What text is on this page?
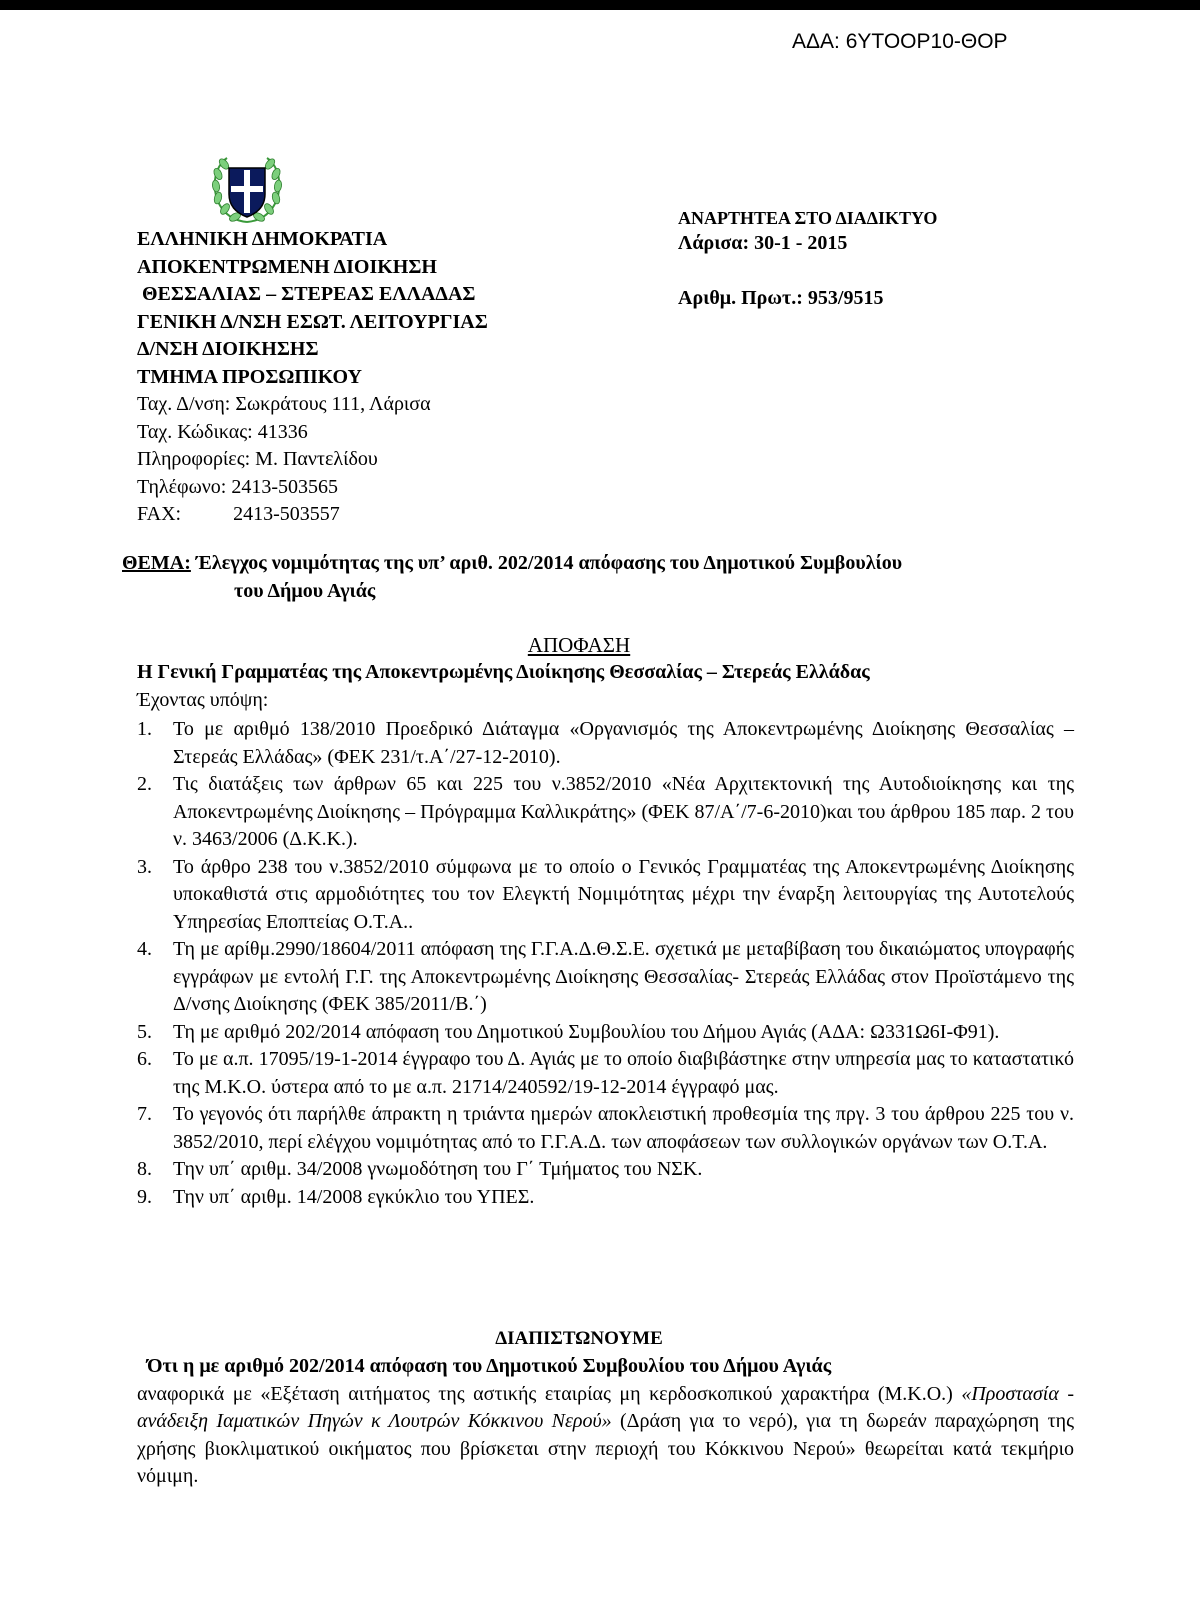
ΑΔΑ: 6ΥΤΟΟΡ10-ΘΟΡ
ΕΛΛΗΝΙΚΗ ΔΗΜΟΚΡΑΤΙΑ
ΑΠΟΚΕΝΤΡΩΜΕΝΗ ΔΙΟΙΚΗΣΗ
ΘΕΣΣΑΛΙΑΣ – ΣΤΕΡΕΑΣ ΕΛΛΑΔΑΣ
ΓΕΝΙΚΗ Δ/ΝΣΗ ΕΣΩΤ. ΛΕΙΤΟΥΡΓΙΑΣ
Δ/ΝΣΗ ΔΙΟΙΚΗΣΗΣ
ΤΜΗΜΑ ΠΡΟΣΩΠΙΚΟΥ
Ταχ. Δ/νση: Σωκράτους 111, Λάρισα
Ταχ. Κώδικας: 41336
Πληροφορίες: Μ. Παντελίδου
Τηλέφωνο: 2413-503565
FAX:	2413-503557
ΑΝΑΡΤΗΤΕΑ ΣΤΟ ΔΙΑΔΙΚΤΥΟ
Λάρισα: 30-1 - 2015
Αριθμ. Πρωτ.: 953/9515
ΘΕΜΑ: Έλεγχος νομιμότητας της υπ’ αριθ. 202/2014 απόφασης του Δημοτικού Συμβουλίου
του Δήμου Αγιάς
ΑΠΟΦΑΣΗ
Η Γενική Γραμματέας της Αποκεντρωμένης Διοίκησης Θεσσαλίας – Στερεάς Ελλάδας
Έχοντας υπόψη:
1. Το με αριθμό 138/2010 Προεδρικό Διάταγμα «Οργανισμός της Αποκεντρωμένης Διοίκησης Θεσσαλίας – Στερεάς Ελλάδας» (ΦΕΚ 231/τ.Α΄/27-12-2010).
2. Τις διατάξεις των άρθρων 65 και 225 του ν.3852/2010 «Νέα Αρχιτεκτονική της Αυτοδιοίκησης και της Αποκεντρωμένης Διοίκησης – Πρόγραμμα Καλλικράτης» (ΦΕΚ 87/Α΄/7-6-2010)και του άρθρου 185 παρ. 2 του ν. 3463/2006 (Δ.Κ.Κ.).
3. Το άρθρο 238 του ν.3852/2010 σύμφωνα με το οποίο ο Γενικός Γραμματέας της Αποκεντρωμένης Διοίκησης υποκαθιστά στις αρμοδιότητες του τον Ελεγκτή Νομιμότητας μέχρι την έναρξη λειτουργίας της Αυτοτελούς Υπηρεσίας Εποπτείας Ο.Τ.Α..
4. Τη με αρίθμ.2990/18604/2011 απόφαση της Γ.Γ.Α.Δ.Θ.Σ.Ε. σχετικά με μεταβίβαση του δικαιώματος υπογραφής εγγράφων με εντολή Γ.Γ. της Αποκεντρωμένης Διοίκησης Θεσσαλίας- Στερεάς Ελλάδας στον Προϊστάμενο της Δ/νσης Διοίκησης (ΦΕΚ 385/2011/Β.΄)
5. Τη με αριθμό 202/2014 απόφαση του Δημοτικού Συμβουλίου του Δήμου Αγιάς (ΑΔΑ: Ω331Ω6Ι-Φ91).
6. Το με α.π. 17095/19-1-2014 έγγραφο του Δ. Αγιάς με το οποίο διαβιβάστηκε στην υπηρεσία μας το καταστατικό της Μ.Κ.Ο. ύστερα από το με α.π. 21714/240592/19-12-2014 έγγραφό μας.
7. Το γεγονός ότι παρήλθε άπρακτη η τριάντα ημερών αποκλειστική προθεσμία της πργ. 3 του άρθρου 225 του ν. 3852/2010, περί ελέγχου νομιμότητας από το Γ.Γ.Α.Δ. των αποφάσεων των συλλογικών οργάνων των Ο.Τ.Α.
8. Την υπ΄ αριθμ. 34/2008 γνωμοδότηση του Γ΄ Τμήματος του ΝΣΚ.
9. Την υπ΄ αριθμ. 14/2008 εγκύκλιο του ΥΠΕΣ.
ΔΙΑΠΙΣΤΩΝΟΥΜΕ
Ότι η με αριθμό 202/2014 απόφαση του Δημοτικού Συμβουλίου του Δήμου Αγιάς
αναφορικά με «Εξέταση αιτήματος της αστικής εταιρίας μη κερδοσκοπικού χαρακτήρα (Μ.Κ.Ο.) «Προστασία - ανάδειξη Ιαματικών Πηγών κ Λουτρών Κόκκινου Νερού» (Δράση για το νερό), για τη δωρεάν παραχώρηση της χρήσης βιοκλιματικού οικήματος που βρίσκεται στην περιοχή του Κόκκινου Νερού» θεωρείται κατά τεκμήριο νόμιμη.
